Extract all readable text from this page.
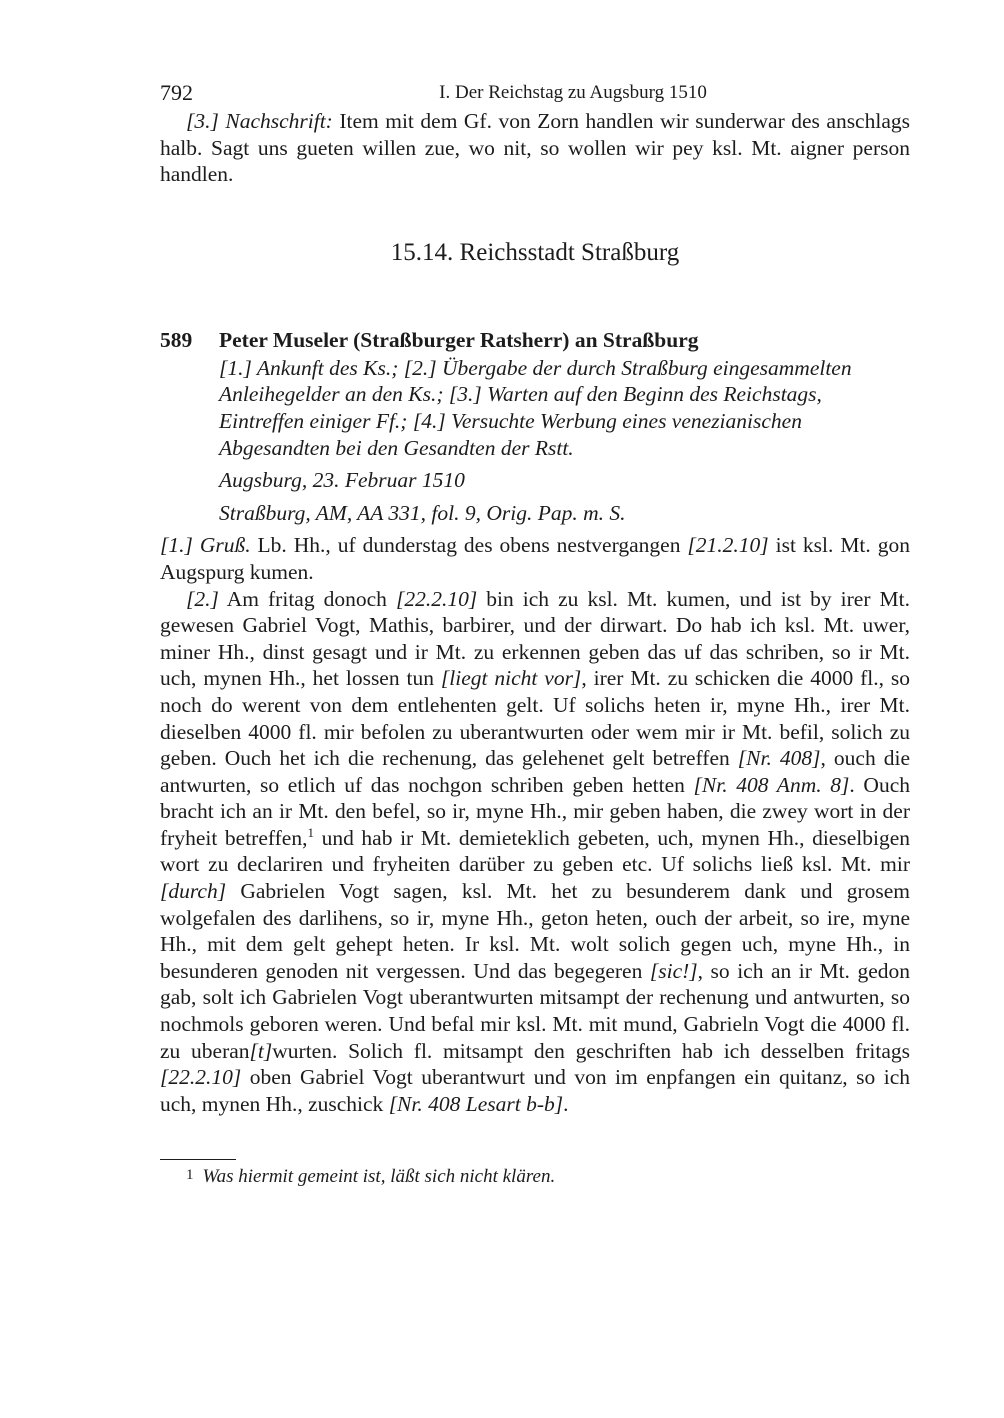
792	I. Der Reichstag zu Augsburg 1510

[3.] Nachschrift: Item mit dem Gf. von Zorn handlen wir sunderwar des anschlags halb. Sagt uns gueten willen zue, wo nit, so wollen wir pey ksl. Mt. aigner person handlen.

15.14. Reichsstadt Straßburg
589 Peter Museler (Straßburger Ratsherr) an Straßburg

[1.] Ankunft des Ks.; [2.] Übergabe der durch Straßburg eingesammelten Anleihegelder an den Ks.; [3.] Warten auf den Beginn des Reichstags, Eintreffen einiger Ff.; [4.] Versuchte Werbung eines venezianischen Abgesandten bei den Gesandten der Rstt.

Augsburg, 23. Februar 1510

Straßburg, AM, AA 331, fol. 9, Orig. Pap. m. S.

[1.] Gruß. Lb. Hh., uf dunderstag des obens nestvergangen [21.2.10] ist ksl. Mt. gon Augspurg kumen.

[2.] Am fritag donoch [22.2.10] bin ich zu ksl. Mt. kumen, und ist by irer Mt. gewesen Gabriel Vogt, Mathis, barbirer, und der dirwart. Do hab ich ksl. Mt. uwer, miner Hh., dinst gesagt und ir Mt. zu erkennen geben das uf das schriben, so ir Mt. uch, mynen Hh., het lossen tun [liegt nicht vor], irer Mt. zu schicken die 4000 fl., so noch do werent von dem entlehenten gelt. Uf solichs heten ir, myne Hh., irer Mt. dieselben 4000 fl. mir befolen zu uberantwurten oder wem mir ir Mt. befil, solich zu geben. Ouch het ich die rechenung, das gelehenet gelt betreffen [Nr. 408], ouch die antwurten, so etlich uf das nochgon schriben geben hetten [Nr. 408 Anm. 8]. Ouch bracht ich an ir Mt. den befel, so ir, myne Hh., mir geben haben, die zwey wort in der fryheit betreffen,$^1$ und hab ir Mt. demieteklich gebeten, uch, mynen Hh., dieselbigen wort zu declariren und fryheiten darüber zu geben etc. Uf solichs ließ ksl. Mt. mir [durch] Gabrielen Vogt sagen, ksl. Mt. het zu besunderem dank und grosem wolgefalen des darlihens, so ir, myne Hh., geton heten, ouch der arbeit, so ire, myne Hh., mit dem gelt gehept heten. Ir ksl. Mt. wolt solich gegen uch, myne Hh., in besunderen genoden nit vergessen. Und das begegeren [sic!], so ich an ir Mt. gedon gab, solt ich Gabrielen Vogt uberantwurten mitsampt der rechenung und antwurten, so nochmols geboren weren. Und befal mir ksl. Mt. mit mund, Gabrieln Vogt die 4000 fl. zu uberan[t]wurten. Solich fl. mitsampt den geschriften hab ich desselben fritags [22.2.10] oben Gabriel Vogt uberantwurt und von im enpfangen ein quitanz, so ich uch, mynen Hh., zuschick [Nr. 408 Lesart b-b].

1 Was hiermit gemeint ist, läßt sich nicht klären.
